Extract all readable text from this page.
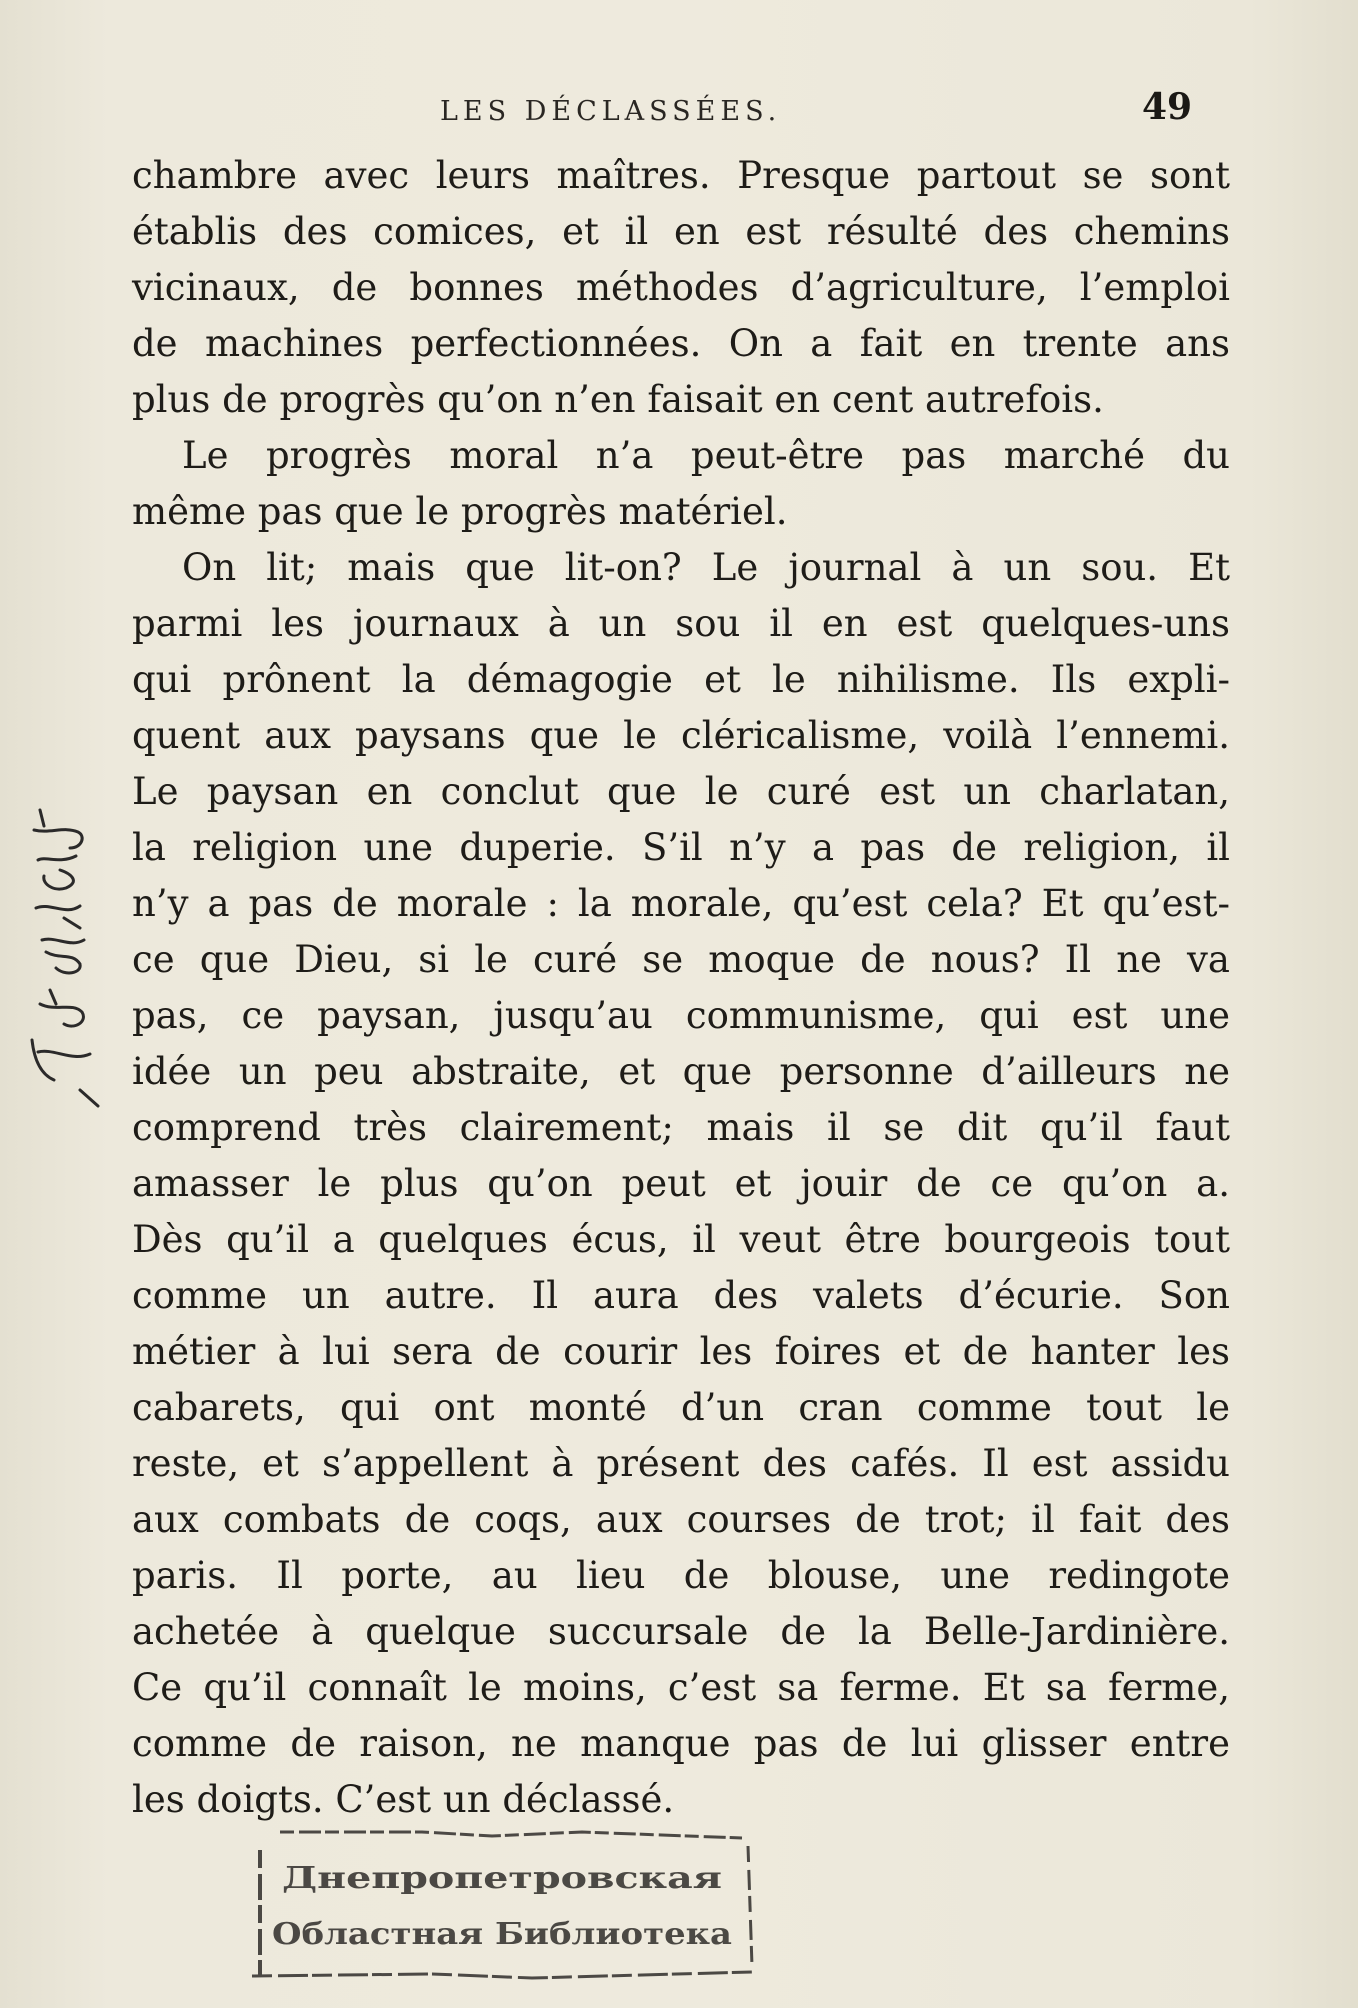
LES DÉCLASSÉES.	49
chambre avec leurs maîtres. Presque partout se sont
établis des comices, et il en est résulté des chemins
vicinaux, de bonnes méthodes d’agriculture, l’emploi
de machines perfectionnées. On a fait en trente ans
plus de progrès qu’on n’en faisait en cent autrefois.
Le progrès moral n’a peut-être pas marché du
même pas que le progrès matériel.
On lit; mais que lit-on? Le journal à un sou. Et
parmi les journaux à un sou il en est quelques-uns
qui prônent la démagogie et le nihilisme. Ils expli-
quent aux paysans que le cléricalisme, voilà l’ennemi.
Le paysan en conclut que le curé est un charlatan,
la religion une duperie. S’il n’y a pas de religion, il
n’y a pas de morale : la morale, qu’est cela? Et qu’est-
ce que Dieu, si le curé se moque de nous? Il ne va
pas, ce paysan, jusqu’au communisme, qui est une
idée un peu abstraite, et que personne d’ailleurs ne
comprend très clairement; mais il se dit qu’il faut
amasser le plus qu’on peut et jouir de ce qu’on a.
Dès qu’il a quelques écus, il veut être bourgeois tout
comme un autre. Il aura des valets d’écurie. Son
métier à lui sera de courir les foires et de hanter les
cabarets, qui ont monté d’un cran comme tout le
reste, et s’appellent à présent des cafés. Il est assidu
aux combats de coqs, aux courses de trot; il fait des
paris. Il porte, au lieu de blouse, une redingote
achetée à quelque succursale de la Belle-Jardinière.
Ce qu’il connaît le moins, c’est sa ferme. Et sa ferme,
comme de raison, ne manque pas de lui glisser entre
les doigts. C’est un déclassé.
Днепропетровская
Областная Библиотека
